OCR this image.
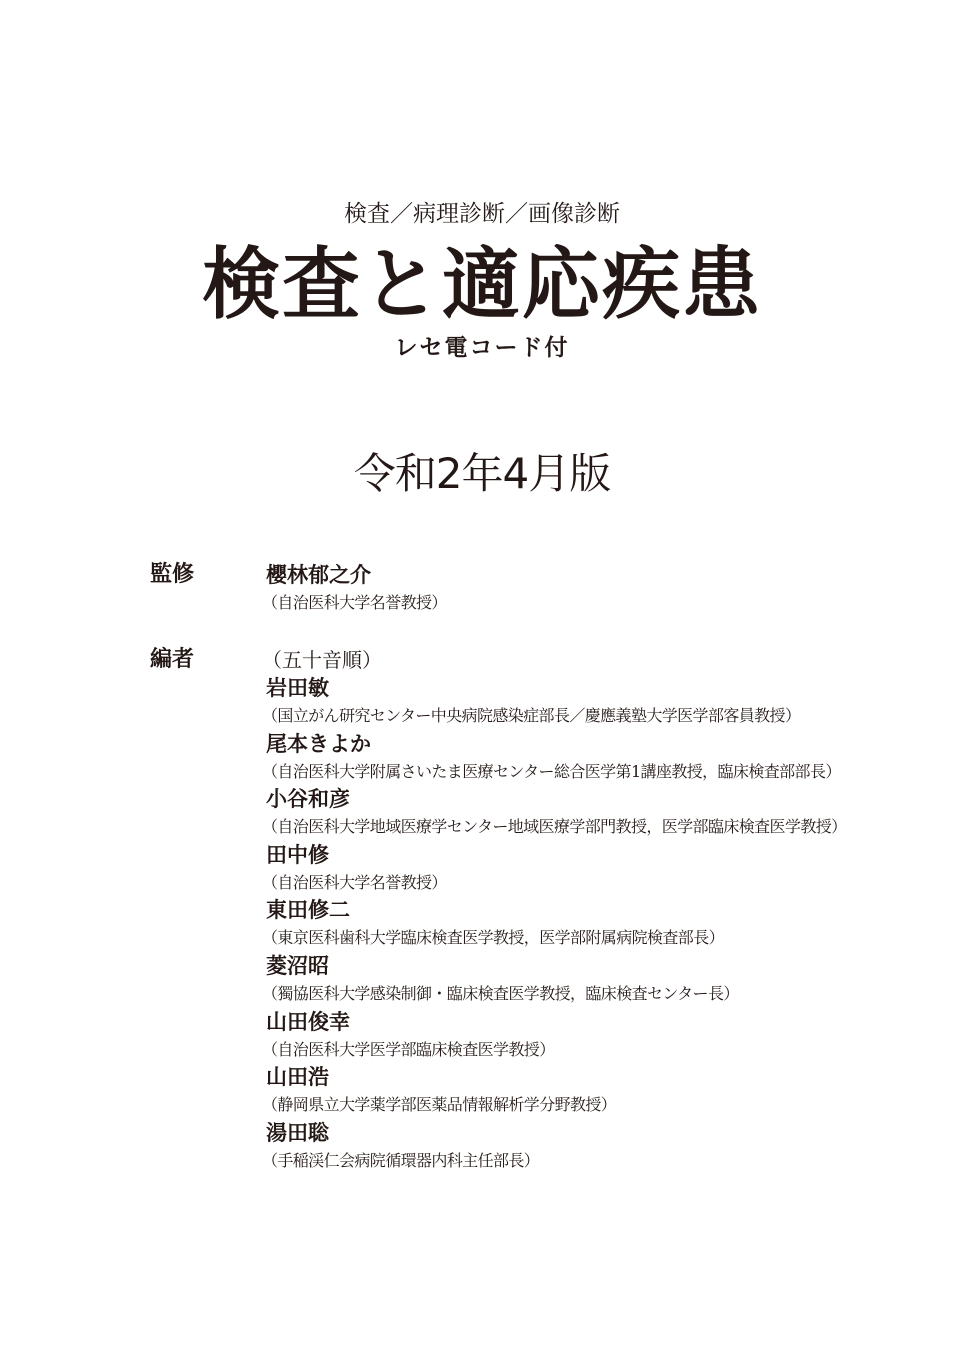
検査／病理診断／画像診断
検査と適応疾患
レセ電コード付
令和2年4月版
監修	櫻林郁之介
（自治医科大学名誉教授）
編者	（五十音順）
岩田敏
（国立がん研究センター中央病院感染症部長／慶應義塾大学医学部客員教授）
尾本きよか
（自治医科大学附属さいたま医療センター総合医学第1講座教授，臨床検査部部長）
小谷和彦
（自治医科大学地域医療学センター地域医療学部門教授，医学部臨床検査医学教授）
田中修
（自治医科大学名誉教授）
東田修二
（東京医科歯科大学臨床検査医学教授，医学部附属病院検査部長）
菱沼昭
（獨協医科大学感染制御・臨床検査医学教授，臨床検査センター長）
山田俊幸
（自治医科大学医学部臨床検査医学教授）
山田浩
（静岡県立大学薬学部医薬品情報解析学分野教授）
湯田聡
（手稲渓仁会病院循環器内科主任部長）
